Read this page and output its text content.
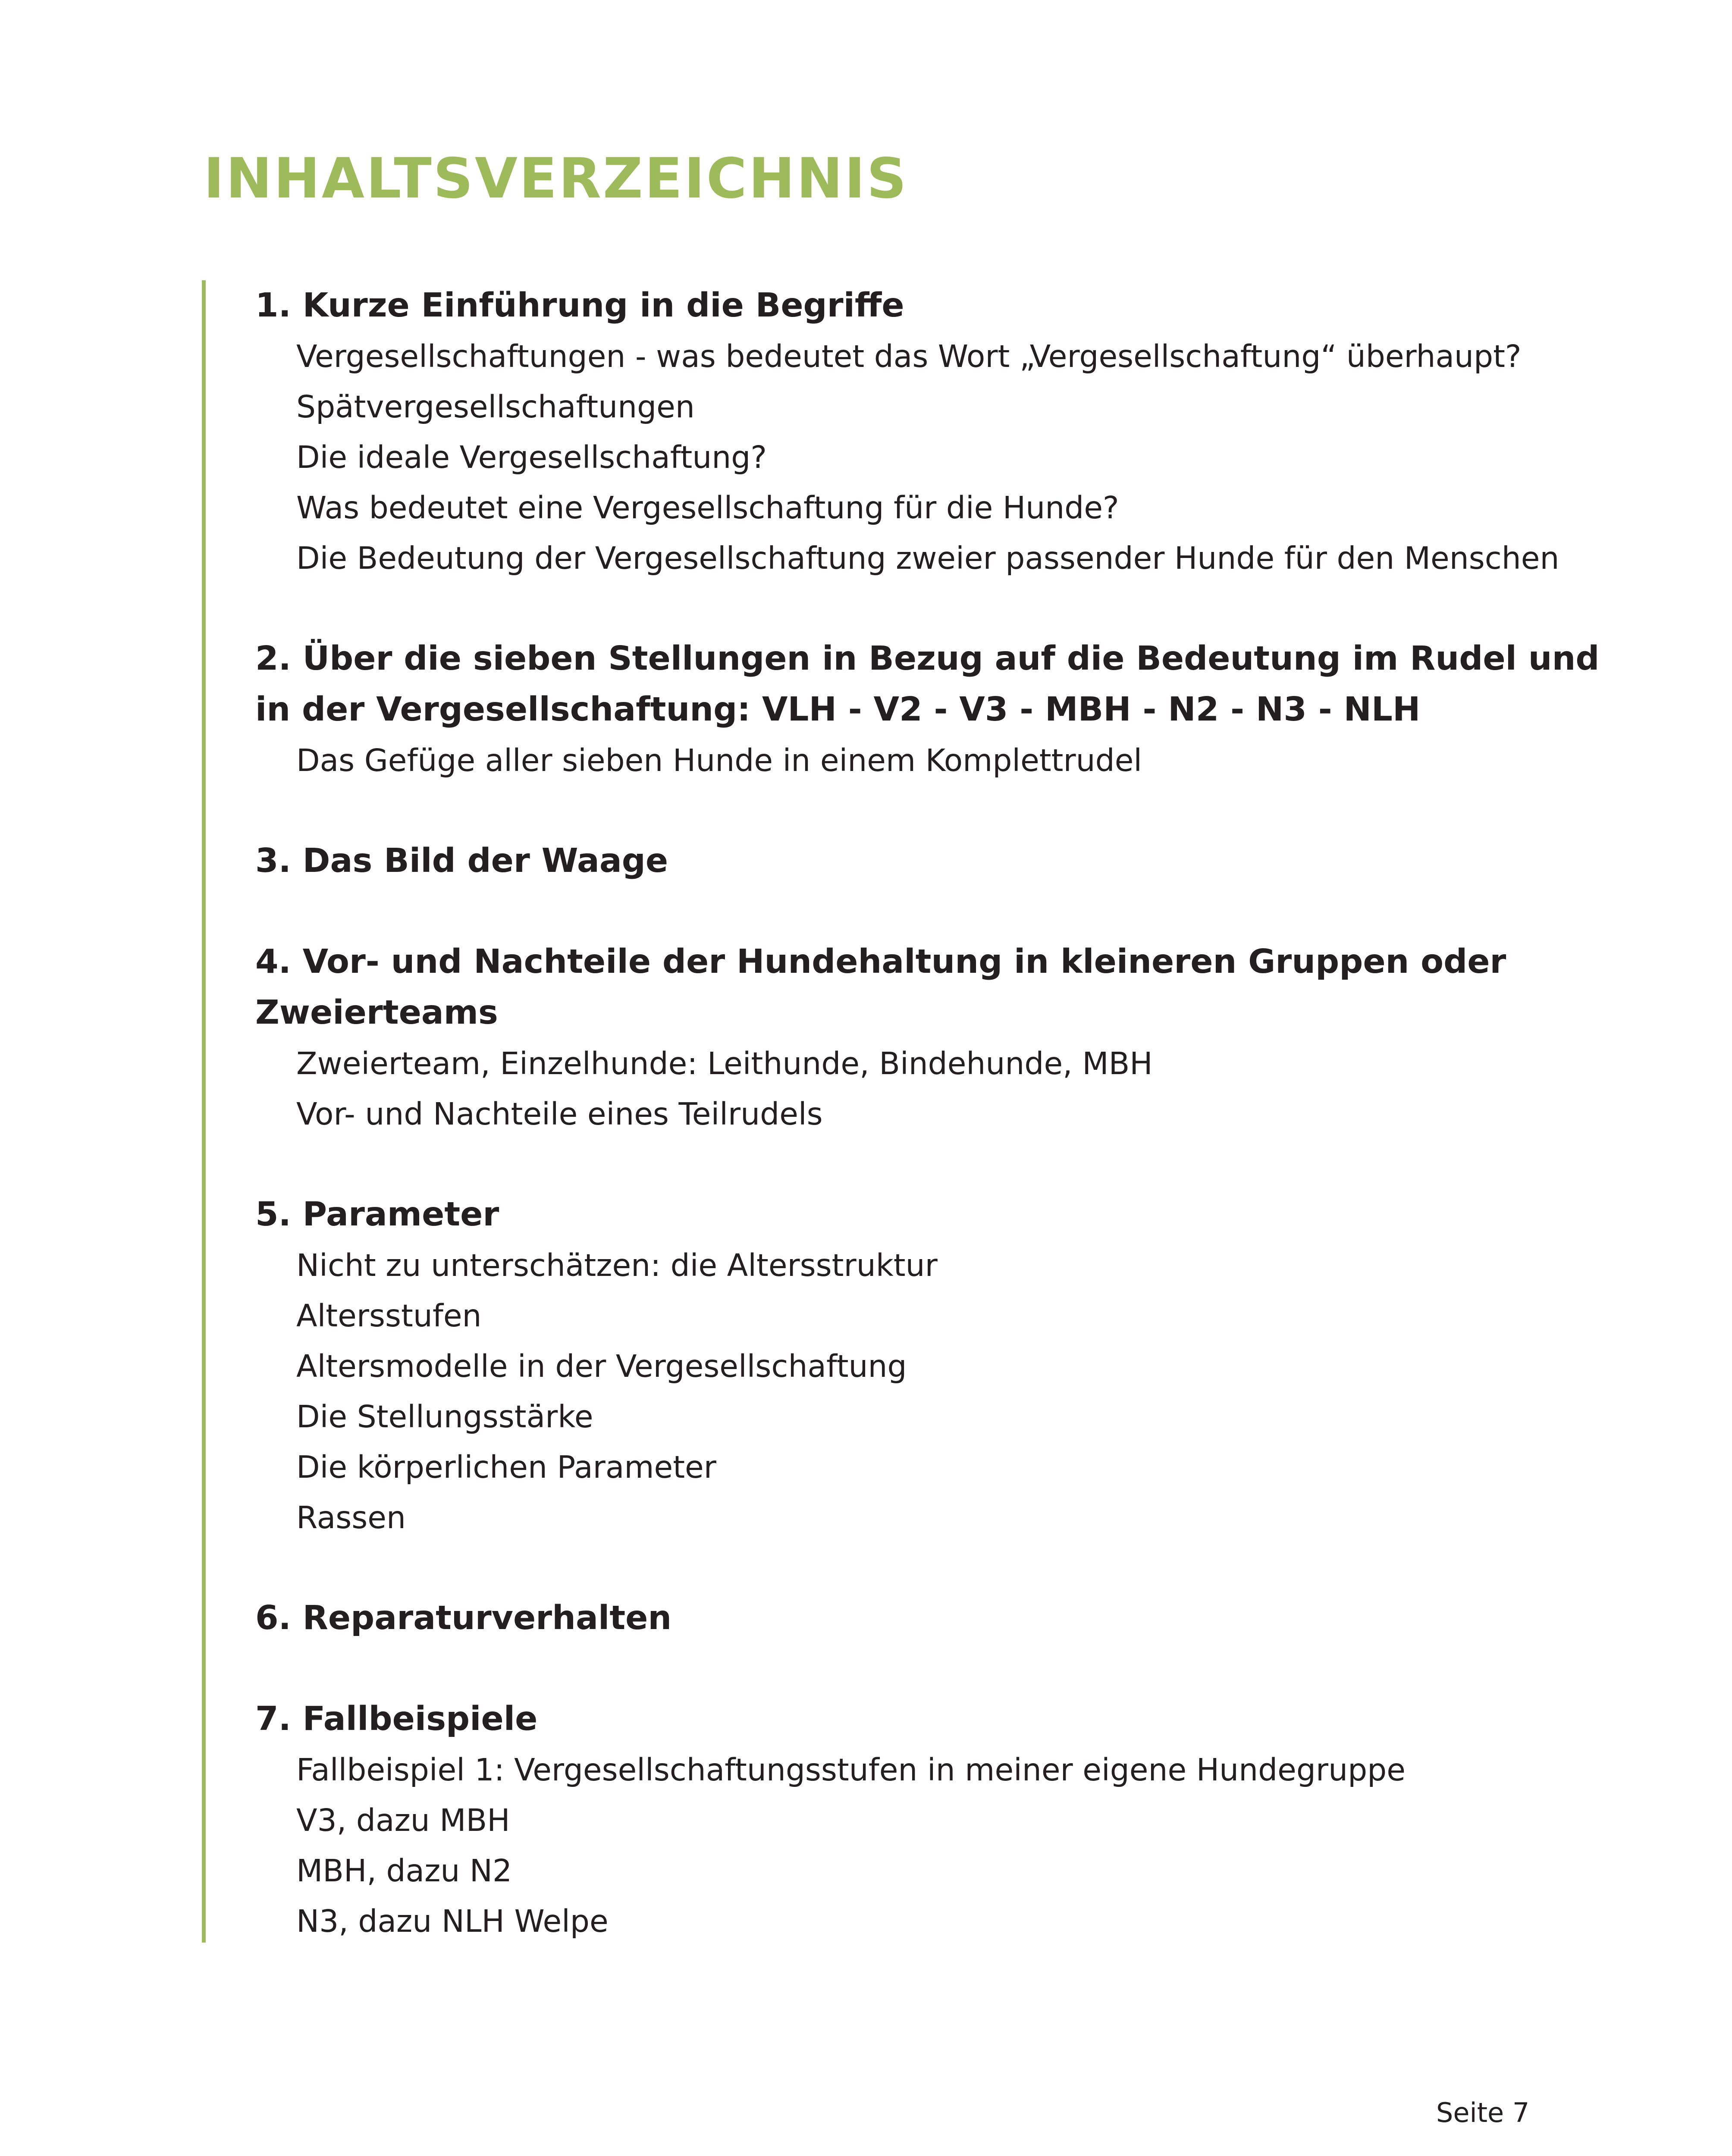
INHALTSVERZEICHNIS
1. Kurze Einführung in die Begriffe
Vergesellschaftungen - was bedeutet das Wort „Vergesellschaftung“ überhaupt?
Spätvergesellschaftungen
Die ideale Vergesellschaftung?
Was bedeutet eine Vergesellschaftung für die Hunde?
Die Bedeutung der Vergesellschaftung zweier passender Hunde für den Menschen
2. Über die sieben Stellungen in Bezug auf die Bedeutung im Rudel und in der Vergesellschaftung: VLH - V2 - V3 - MBH - N2 - N3 - NLH
Das Gefüge aller sieben Hunde in einem Komplettrudel
3. Das Bild der Waage
4. Vor- und Nachteile der Hundehaltung in kleineren Gruppen oder Zweierteams
Zweierteam, Einzelhunde: Leithunde, Bindehunde, MBH
Vor- und Nachteile eines Teilrudels
5. Parameter
Nicht zu unterschätzen: die Altersstruktur
Altersstufen
Altersmodelle in der Vergesellschaftung
Die Stellungsstärke
Die körperlichen Parameter
Rassen
6. Reparaturverhalten
7. Fallbeispiele
Fallbeispiel 1: Vergesellschaftungsstufen in meiner eigene Hundegruppe
V3, dazu MBH
MBH, dazu N2
N3, dazu NLH Welpe
Seite 7
